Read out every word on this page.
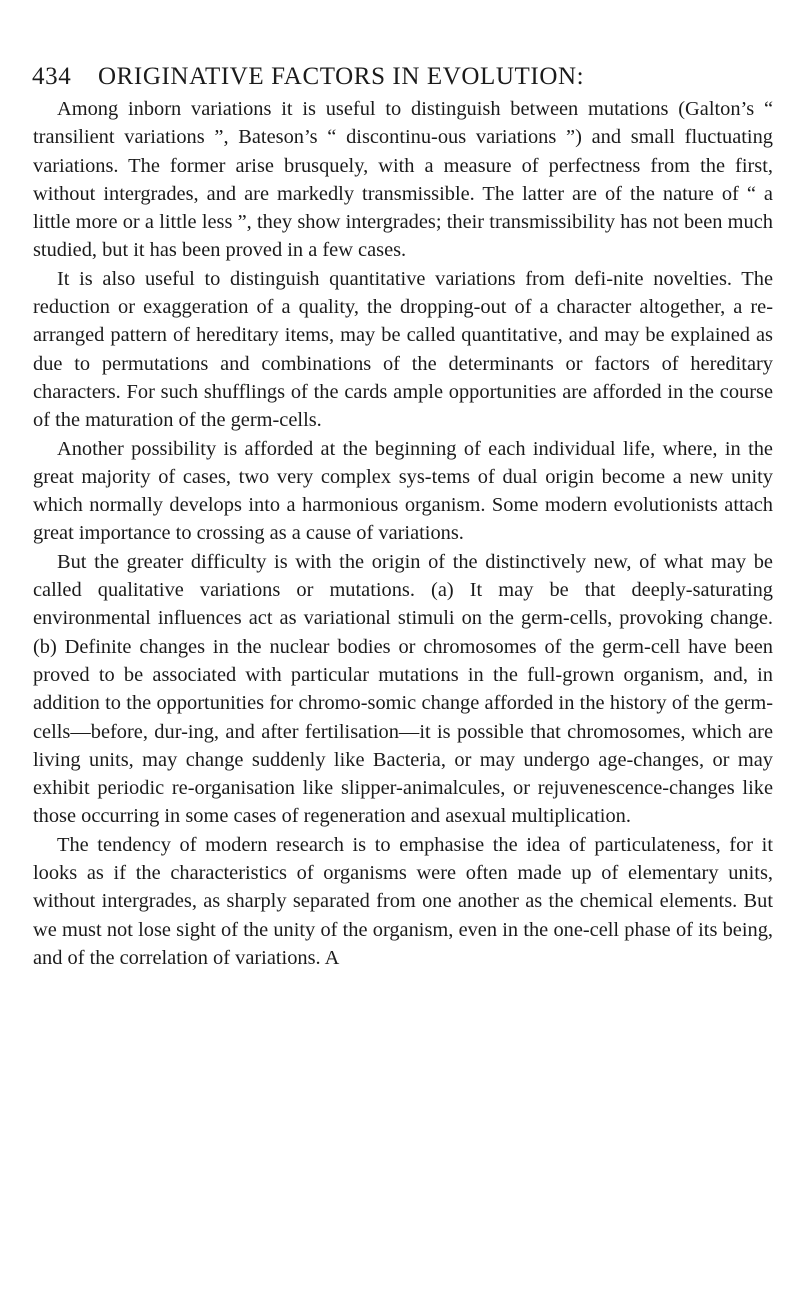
434 ORIGINATIVE FACTORS IN EVOLUTION:

Among inborn variations it is useful to distinguish between mutations (Galton’s “ transilient variations ”, Bateson’s “ discontinu-ous variations ”) and small fluctuating variations. The former arise brusquely, with a measure of perfectness from the first, without intergrades, and are markedly transmissible. The latter are of the nature of “ a little more or a little less ”, they show intergrades; their transmissibility has not been much studied, but it has been proved in a few cases.

It is also useful to distinguish quantitative variations from defi-nite novelties. The reduction or exaggeration of a quality, the dropping-out of a character altogether, a re-arranged pattern of hereditary items, may be called quantitative, and may be explained as due to permutations and combinations of the determinants or factors of hereditary characters. For such shufflings of the cards ample opportunities are afforded in the course of the maturation of the germ-cells.

Another possibility is afforded at the beginning of each individual life, where, in the great majority of cases, two very complex sys-tems of dual origin become a new unity which normally develops into a harmonious organism. Some modern evolutionists attach great importance to crossing as a cause of variations.

But the greater difficulty is with the origin of the distinctively new, of what may be called qualitative variations or mutations. (a) It may be that deeply-saturating environmental influences act as variational stimuli on the germ-cells, provoking change. (b) Definite changes in the nuclear bodies or chromosomes of the germ-cell have been proved to be associated with particular mutations in the full-grown organism, and, in addition to the opportunities for chromo-somic change afforded in the history of the germ-cells—before, dur-ing, and after fertilisation—it is possible that chromosomes, which are living units, may change suddenly like Bacteria, or may undergo age-changes, or may exhibit periodic re-organisation like slipper-animalcules, or rejuvenescence-changes like those occurring in some cases of regeneration and asexual multiplication.

The tendency of modern research is to emphasise the idea of particulateness, for it looks as if the characteristics of organisms were often made up of elementary units, without intergrades, as sharply separated from one another as the chemical elements. But we must not lose sight of the unity of the organism, even in the one-cell phase of its being, and of the correlation of variations. A
